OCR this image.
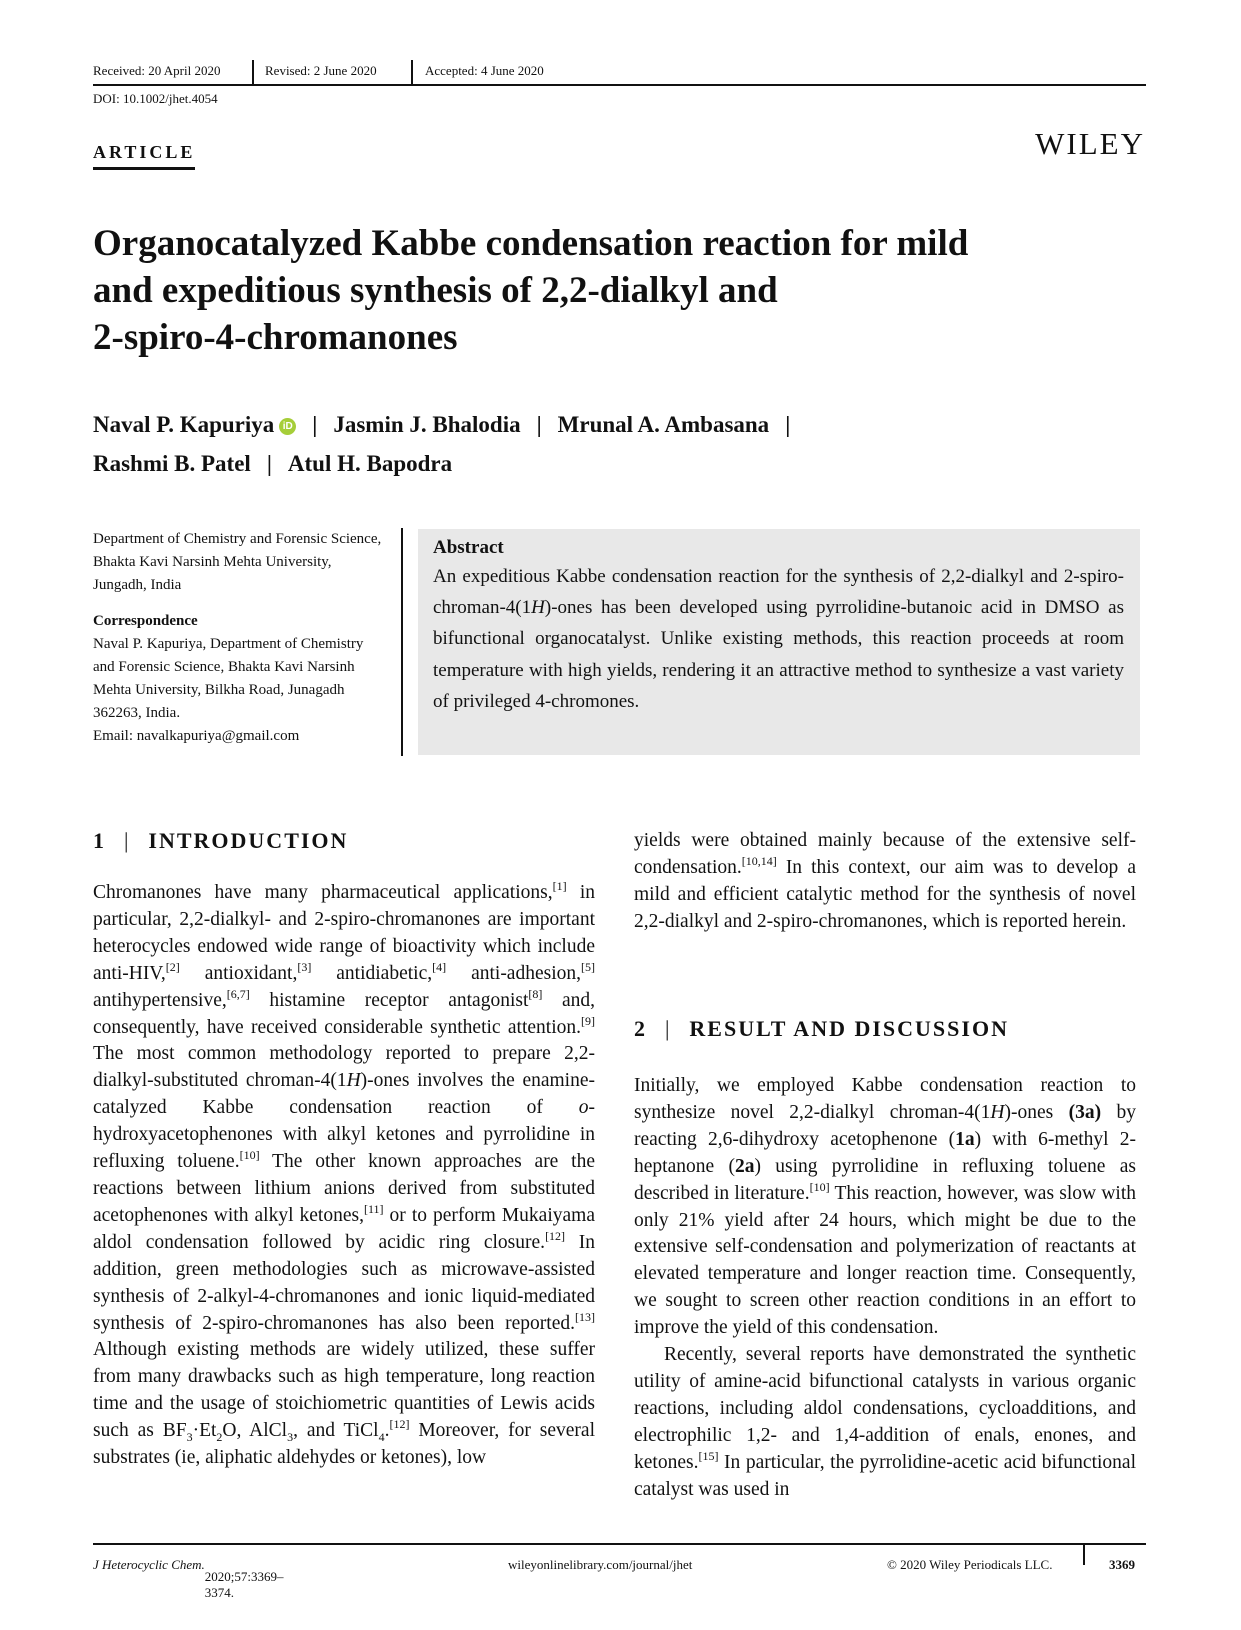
Received: 20 April 2020	Revised: 2 June 2020	Accepted: 4 June 2020
DOI: 10.1002/jhet.4054
ARTICLE	WILEY
Organocatalyzed Kabbe condensation reaction for mild
and expeditious synthesis of 2,2-dialkyl and
2-spiro-4-chromanones
Naval P. Kapuriya iD | Jasmin J. Bhalodia | Mrunal A. Ambasana |
Rashmi B. Patel | Atul H. Bapodra

Department of Chemistry and Forensic Science, Bhakta Kavi Narsinh Mehta University, Jungadh, India

Correspondence

Naval P. Kapuriya, Department of Chemistry and Forensic Science, Bhakta Kavi Narsinh Mehta University, Bilkha Road, Junagadh 362263, India.

Email: navalkapuriya@gmail.com

Abstract

An expeditious Kabbe condensation reaction for the synthesis of 2,2-dialkyl and 2-spiro-chroman-4(1H)-ones has been developed using pyrrolidine-butanoic acid in DMSO as bifunctional organocatalyst. Unlike existing methods, this reaction proceeds at room temperature with high yields, rendering it an attractive method to synthesize a vast variety of privileged 4-chromones.

1 | INTRODUCTION

Chromanones have many pharmaceutical applications,[1] in particular, 2,2-dialkyl- and 2-spiro-chromanones are important heterocycles endowed wide range of bioactivity which include anti-HIV,[2] antioxidant,[3] antidiabetic,[4] anti-adhesion,[5] antihypertensive,[6,7] histamine receptor antagonist[8] and, consequently, have received considerable synthetic attention.[9] The most common methodology reported to prepare 2,2-dialkyl-substituted chroman-4(1H)-ones involves the enamine-catalyzed Kabbe condensation reaction of o-hydroxyacetophenones with alkyl ketones and pyrrolidine in refluxing toluene.[10] The other known approaches are the reactions between lithium anions derived from substituted acetophenones with alkyl ketones,[11] or to perform Mukaiyama aldol condensation followed by acidic ring closure.[12] In addition, green methodologies such as microwave-assisted synthesis of 2-alkyl-4-chromanones and ionic liquid-mediated synthesis of 2-spiro-chromanones has also been reported.[13] Although existing methods are widely utilized, these suffer from many drawbacks such as high temperature, long reaction time and the usage of stoichiometric quantities of Lewis acids such as $BF_3\cdot Et_2O$, AlCl$_3$, and TiCl$_4$.[12] Moreover, for several substrates (ie, aliphatic aldehydes or ketones), low

yields were obtained mainly because of the extensive self-condensation.[10,14] In this context, our aim was to develop a mild and efficient catalytic method for the synthesis of novel 2,2-dialkyl and 2-spiro-chromanones, which is reported herein.

2 | RESULT AND DISCUSSION

Initially, we employed Kabbe condensation reaction to synthesize novel 2,2-dialkyl chroman-4(1H)-ones (3a) by reacting 2,6-dihydroxy acetophenone (1a) with 6-methyl 2-heptanone (2a) using pyrrolidine in refluxing toluene as described in literature.[10] This reaction, however, was slow with only 21% yield after 24 hours, which might be due to the extensive self-condensation and polymerization of reactants at elevated temperature and longer reaction time. Consequently, we sought to screen other reaction conditions in an effort to improve the yield of this condensation.

Recently, several reports have demonstrated the synthetic utility of amine-acid bifunctional catalysts in various organic reactions, including aldol condensations, cycloadditions, and electrophilic 1,2- and 1,4-addition of enals, enones, and ketones.[15] In particular, the pyrrolidine-acetic acid bifunctional catalyst was used in

J Heterocyclic Chem.
2020;57:3369–3374.
wileyonlinelibrary.com/journal/jhet	© 2020 Wiley Periodicals LLC.	3369
